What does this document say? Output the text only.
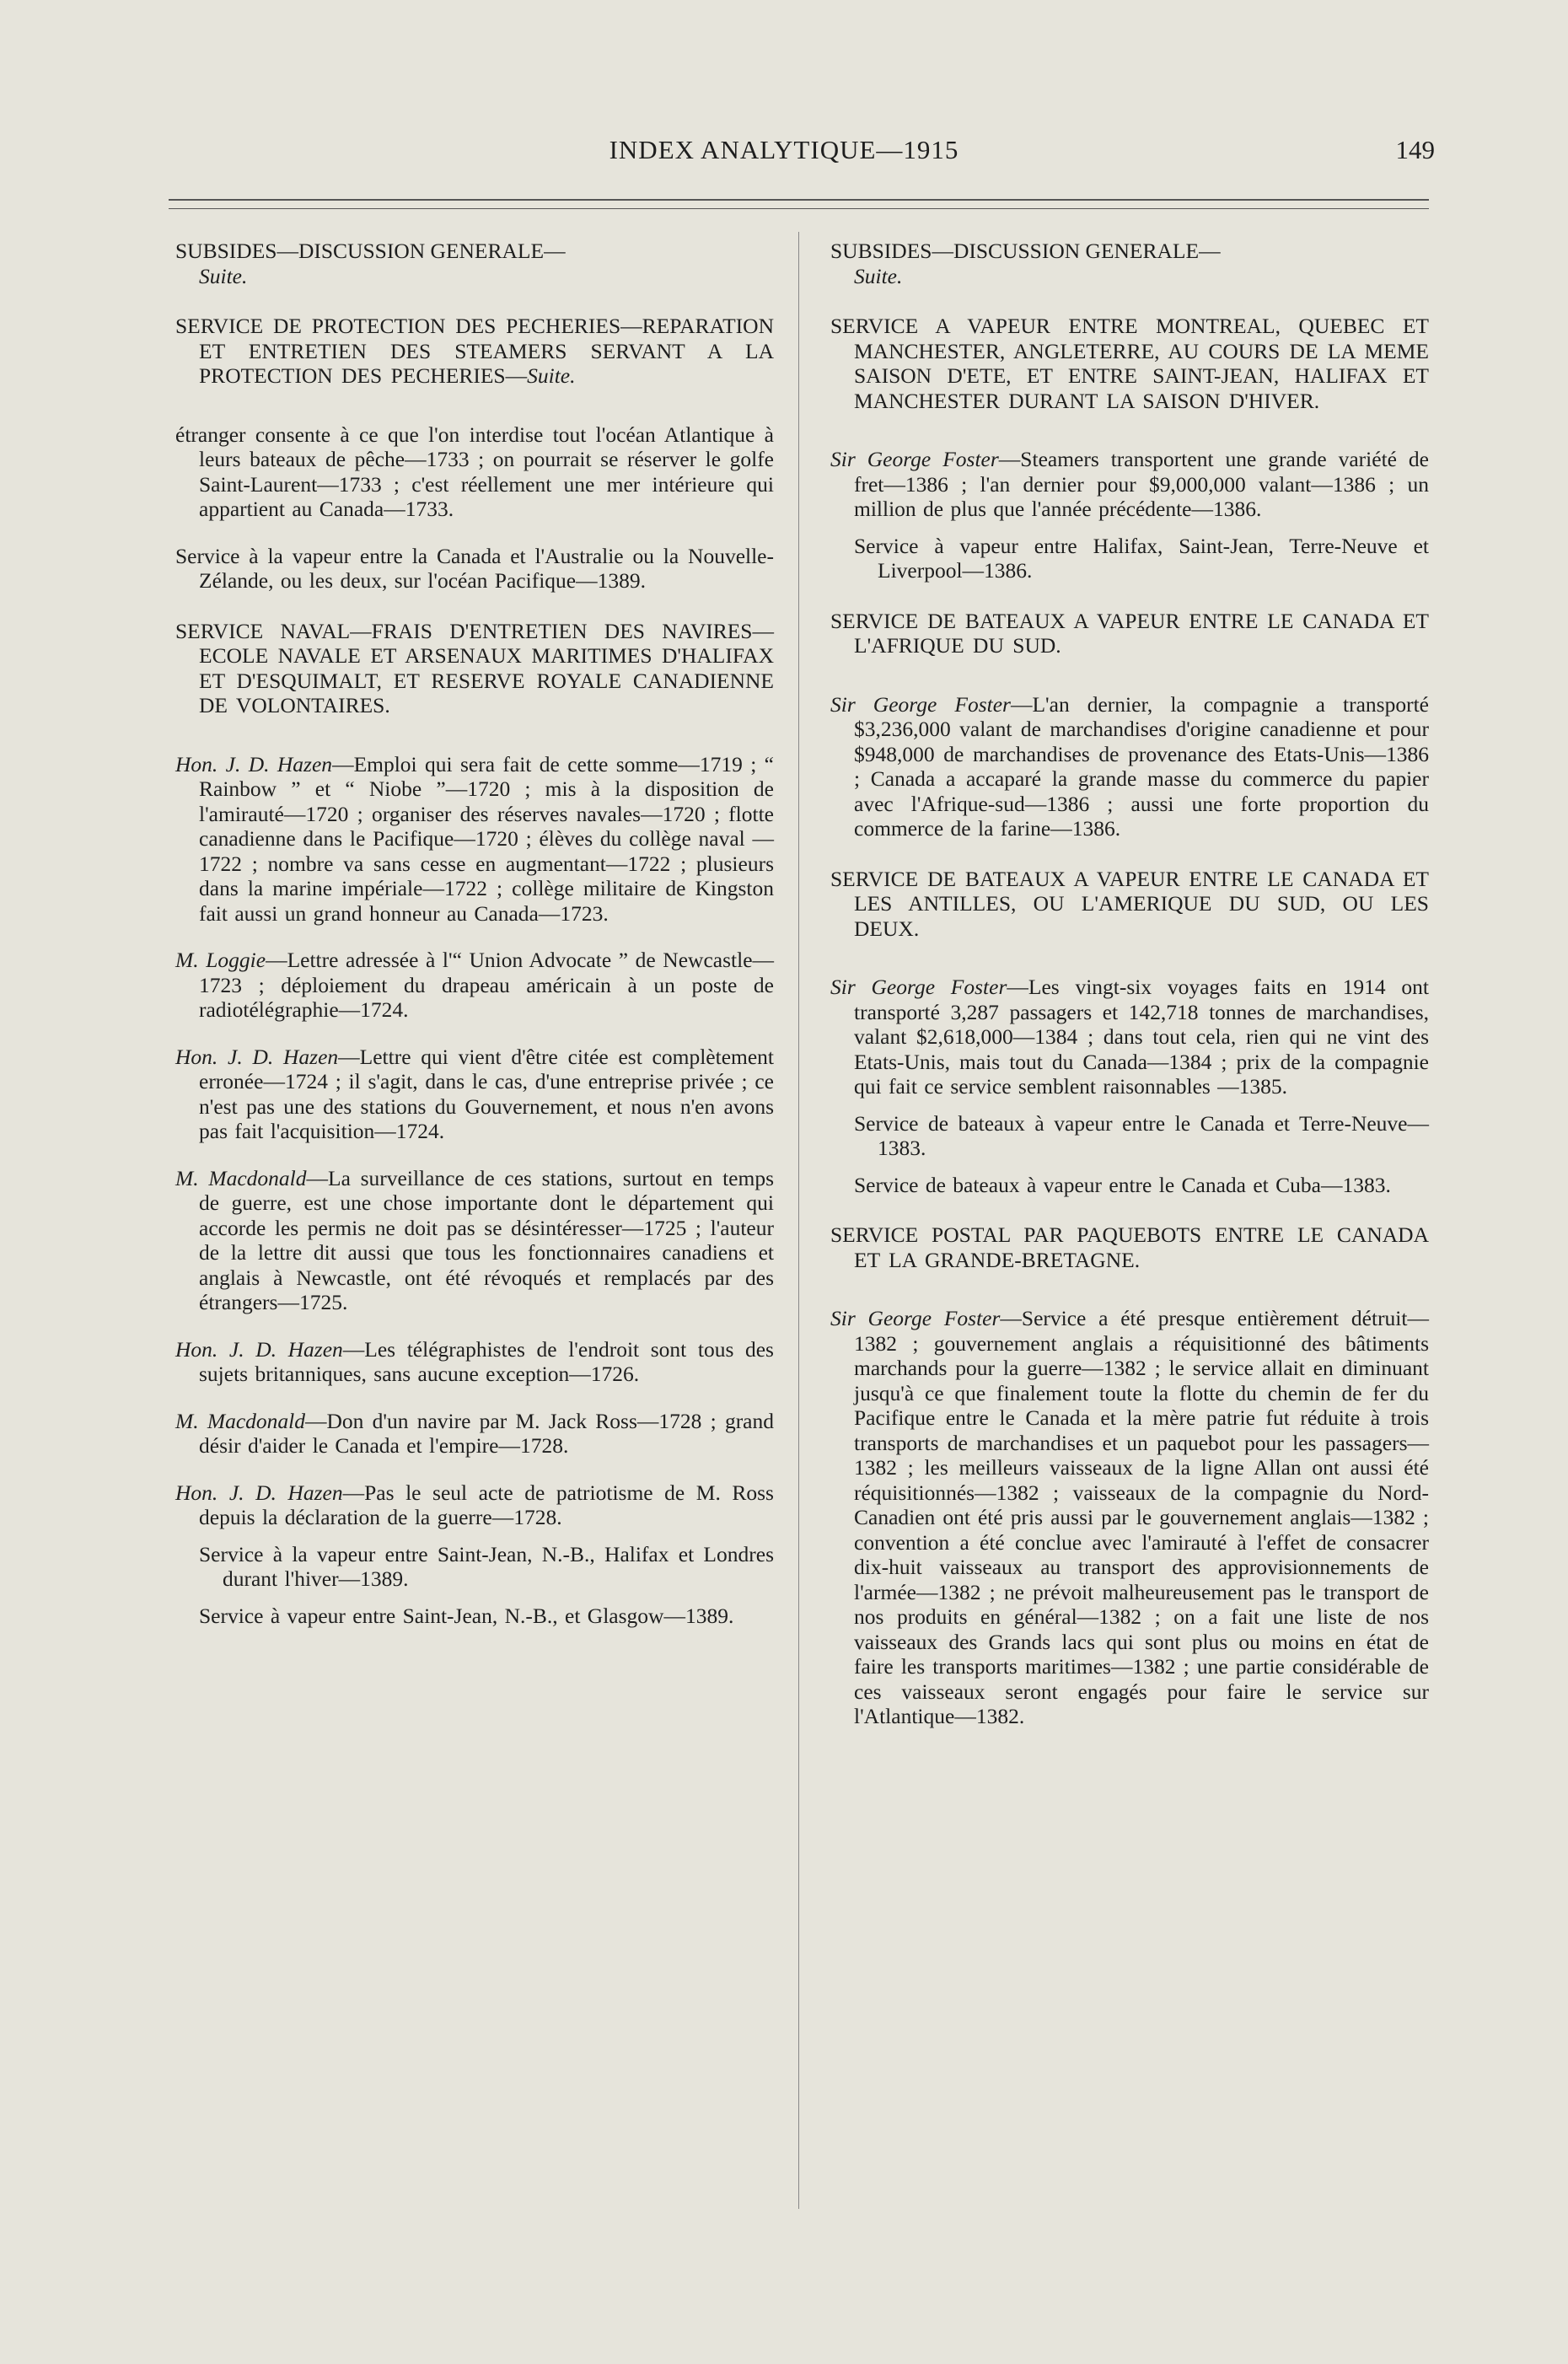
INDEX ANALYTIQUE—1915	149
SUBSIDES—DISCUSSION GENERALE—
Suite.
SERVICE DE PROTECTION DES PECHERIES—REPARATION ET ENTRETIEN DES STEAMERS SERVANT A LA PROTECTION DES PECHERIES—Suite.
étranger consente à ce que l'on interdise tout l'océan Atlantique à leurs bateaux de pêche—1733 ; on pourrait se réserver le golfe Saint-Laurent—1733 ; c'est réellement une mer intérieure qui appartient au Canada—1733.
Service à la vapeur entre la Canada et l'Australie ou la Nouvelle-Zélande, ou les deux, sur l'océan Pacifique—1389.
SERVICE NAVAL—FRAIS D'ENTRETIEN DES NAVIRES—ECOLE NAVALE ET ARSENAUX MARITIMES D'HALIFAX ET D'ESQUIMALT, ET RESERVE ROYALE CANADIENNE DE VOLONTAIRES.
Hon. J. D. Hazen—Emploi qui sera fait de cette somme—1719 ; “ Rainbow ” et “ Niobe ”—1720 ; mis à la disposition de l'amirauté—1720 ; organiser des réserves navales—1720 ; flotte canadienne dans le Pacifique—1720 ; élèves du collège naval —1722 ; nombre va sans cesse en augmentant—1722 ; plusieurs dans la marine impériale—1722 ; collège militaire de Kingston fait aussi un grand honneur au Canada—1723.
M. Loggie—Lettre adressée à l'“ Union Advocate ” de Newcastle—1723 ; déploiement du drapeau américain à un poste de radiotélégraphie—1724.
Hon. J. D. Hazen—Lettre qui vient d'être citée est complètement erronée—1724 ; il s'agit, dans le cas, d'une entreprise privée ; ce n'est pas une des stations du Gouvernement, et nous n'en avons pas fait l'acquisition—1724.
M. Macdonald—La surveillance de ces stations, surtout en temps de guerre, est une chose importante dont le département qui accorde les permis ne doit pas se désintéresser—1725 ; l'auteur de la lettre dit aussi que tous les fonctionnaires canadiens et anglais à Newcastle, ont été révoqués et remplacés par des étrangers—1725.
Hon. J. D. Hazen—Les télégraphistes de l'endroit sont tous des sujets britanniques, sans aucune exception—1726.
M. Macdonald—Don d'un navire par M. Jack Ross—1728 ; grand désir d'aider le Canada et l'empire—1728.
Hon. J. D. Hazen—Pas le seul acte de patriotisme de M. Ross depuis la déclaration de la guerre—1728.
Service à la vapeur entre Saint-Jean, N.-B., Halifax et Londres durant l'hiver—1389.
Service à vapeur entre Saint-Jean, N.-B., et Glasgow—1389.
SUBSIDES—DISCUSSION GENERALE—
Suite.
SERVICE A VAPEUR ENTRE MONTREAL, QUEBEC ET MANCHESTER, ANGLETERRE, AU COURS DE LA MEME SAISON D'ETE, ET ENTRE SAINT-JEAN, HALIFAX ET MANCHESTER DURANT LA SAISON D'HIVER.
Sir George Foster—Steamers transportent une grande variété de fret—1386 ; l'an dernier pour $9,000,000 valant—1386 ; un million de plus que l'année précédente—1386.
Service à vapeur entre Halifax, Saint-Jean, Terre-Neuve et Liverpool—1386.
SERVICE DE BATEAUX A VAPEUR ENTRE LE CANADA ET L'AFRIQUE DU SUD.
Sir George Foster—L'an dernier, la compagnie a transporté $3,236,000 valant de marchandises d'origine canadienne et pour $948,000 de marchandises de provenance des Etats-Unis—1386 ; Canada a accaparé la grande masse du commerce du papier avec l'Afrique-sud—1386 ; aussi une forte proportion du commerce de la farine—1386.
SERVICE DE BATEAUX A VAPEUR ENTRE LE CANADA ET LES ANTILLES, OU L'AMERIQUE DU SUD, OU LES DEUX.
Sir George Foster—Les vingt-six voyages faits en 1914 ont transporté 3,287 passagers et 142,718 tonnes de marchandises, valant $2,618,000—1384 ; dans tout cela, rien qui ne vint des Etats-Unis, mais tout du Canada—1384 ; prix de la compagnie qui fait ce service semblent raisonnables —1385.
Service de bateaux à vapeur entre le Canada et Terre-Neuve—1383.
Service de bateaux à vapeur entre le Canada et Cuba—1383.
SERVICE POSTAL PAR PAQUEBOTS ENTRE LE CANADA ET LA GRANDE-BRETAGNE.
Sir George Foster—Service a été presque entièrement détruit—1382 ; gouvernement anglais a réquisitionné des bâtiments marchands pour la guerre—1382 ; le service allait en diminuant jusqu'à ce que finalement toute la flotte du chemin de fer du Pacifique entre le Canada et la mère patrie fut réduite à trois transports de marchandises et un paquebot pour les passagers—1382 ; les meilleurs vaisseaux de la ligne Allan ont aussi été réquisitionnés—1382 ; vaisseaux de la compagnie du Nord-Canadien ont été pris aussi par le gouvernement anglais—1382 ; convention a été conclue avec l'amirauté à l'effet de consacrer dix-huit vaisseaux au transport des approvisionnements de l'armée—1382 ; ne prévoit malheureusement pas le transport de nos produits en général—1382 ; on a fait une liste de nos vaisseaux des Grands lacs qui sont plus ou moins en état de faire les transports maritimes—1382 ; une partie considérable de ces vaisseaux seront engagés pour faire le service sur l'Atlantique—1382.
